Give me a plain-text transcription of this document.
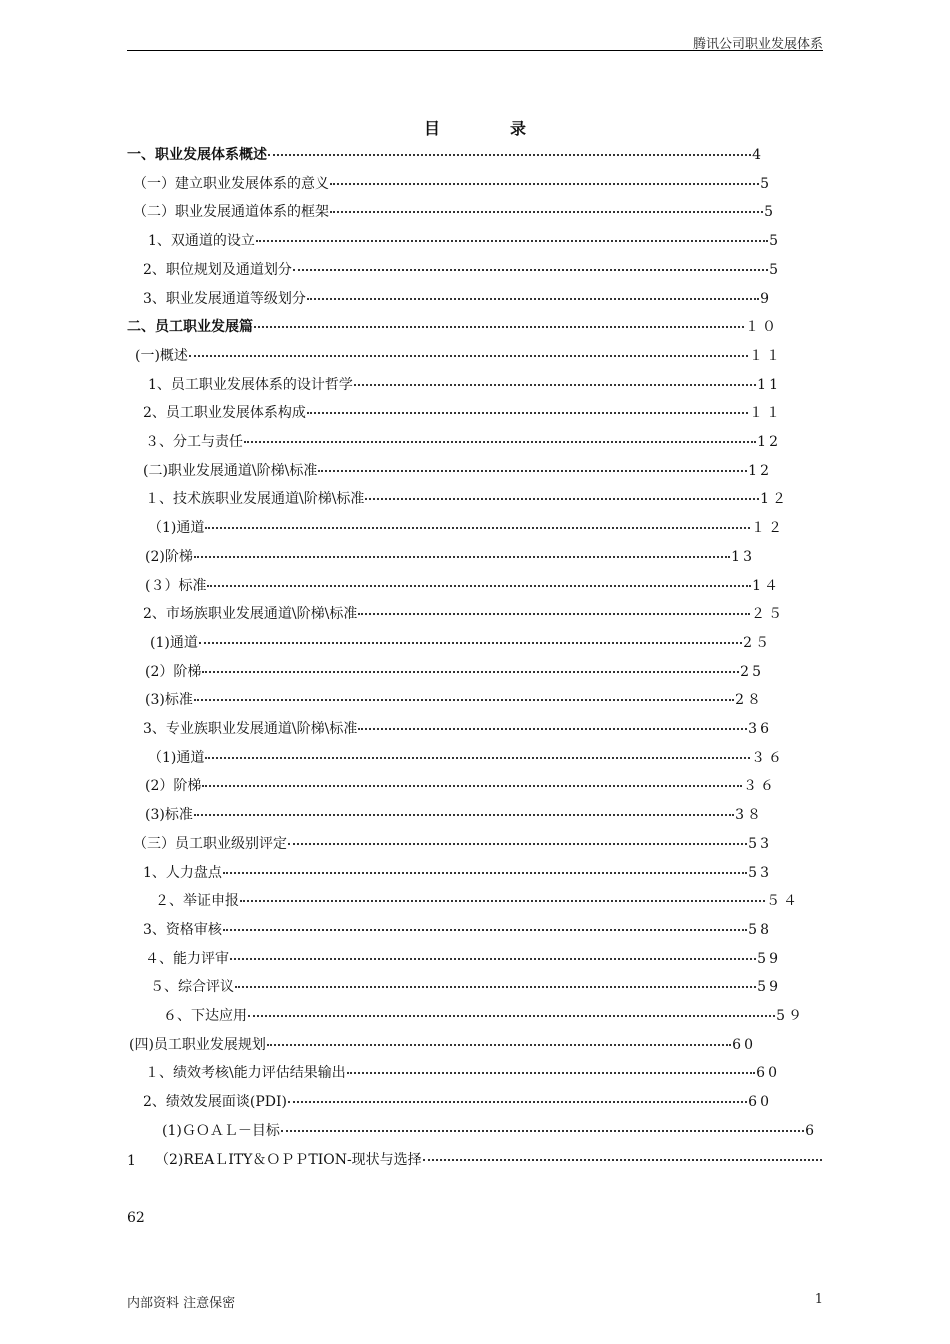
腾讯公司职业发展体系
目录
一、职业发展体系概述	4
（一）建立职业发展体系的意义	5
（二）职业发展通道体系的框架	5
1、双通道的设立	5
2、职位规划及通道划分	5
3、职业发展通道等级划分	9
二、员工职业发展篇	１０
(一)概述	１１
1、员工职业发展体系的设计哲学	11
2、员工职业发展体系构成	１１
３、分工与责任	12
(二)职业发展通道\阶梯\标准	12
１、技术族职业发展通道\阶梯\标准	1２
（1)通道	１２
(2)阶梯	13
(３）标准	1４
2、市场族职业发展通道\阶梯\标准	２５
(1)通道	2５
(2）阶梯	25
(3)标准	2８
3、专业族职业发展通道\阶梯\标准	36
（1)通道	３６
(2）阶梯	３６
(3)标准	3８
（三）员工职业级别评定	53
1、人力盘点	53
２、举证申报	５４
3、资格审核	58
４、能力评审	59
５、综合评议	59
６、下达应用	5９
(四)员工职业发展规划	60
１、绩效考核\能力评估结果输出	60
2、绩效发展面谈(PDI)	60
(1)ＧＯＡＬ－目标	6
（2)REAＬITY＆ＯＰＰTION-现状与选择
1
62
内部资料 注意保密	1
